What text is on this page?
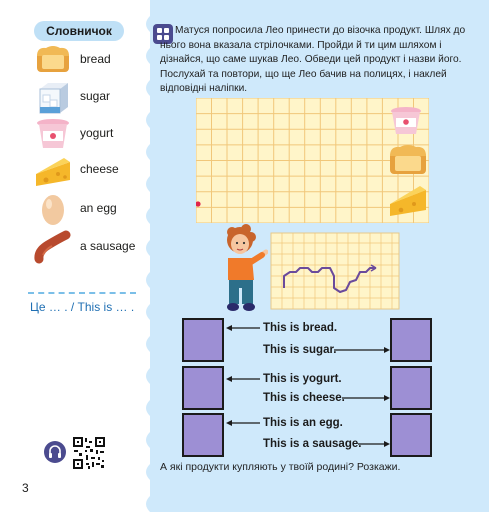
Словничок
bread
sugar
yogurt
cheese
an egg
a sausage
Це … . / This is … .
3
Матуся попросила Лео принести до візочка продукт. Шлях до нього вона вказала стрілочками. Пройди й ти цим шляхом і дізнайся, що саме шукав Лео. Обведи цей продукт і назви його. Послухай та повтори, що ще Лео бачив на полицях, і наклей відповідні наліпки.
This is bread.
This is sugar.
This is yogurt.
This is cheese.
This is an egg.
This is a sausage.
А які продукти купляють у твоїй родині? Розкажи.
